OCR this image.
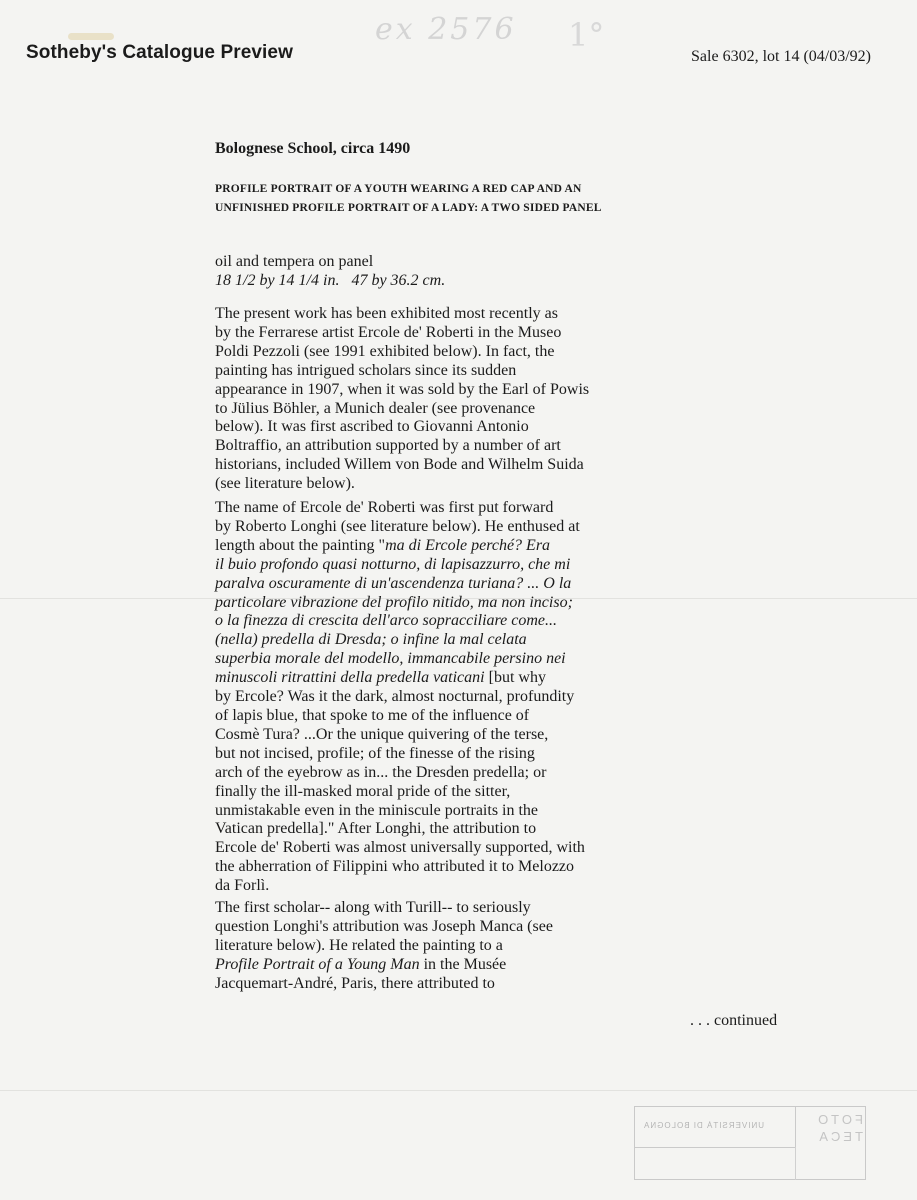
ex 2576 1°
Sotheby's Catalogue Preview	Sale 6302, lot 14 (04/03/92)
Bolognese School, circa 1490
PROFILE PORTRAIT OF A YOUTH WEARING A RED CAP AND AN UNFINISHED PROFILE PORTRAIT OF A LADY: A TWO SIDED PANEL
oil and tempera on panel
18 1/2 by 14 1/4 in.   47 by 36.2 cm.
The present work has been exhibited most recently as
by the Ferrarese artist Ercole de' Roberti in the Museo
Poldi Pezzoli (see 1991 exhibited below). In fact, the
painting has intrigued scholars since its sudden
appearance in 1907, when it was sold by the Earl of Powis
to Jülius Böhler, a Munich dealer (see provenance
below). It was first ascribed to Giovanni Antonio
Boltraffio, an attribution supported by a number of art
historians, included Willem von Bode and Wilhelm Suida
(see literature below).
The name of Ercole de' Roberti was first put forward
by Roberto Longhi (see literature below). He enthused at
length about the painting "ma di Ercole perché? Era
il buio profondo quasi notturno, di lapisazzurro, che mi
paralva oscuramente di un'ascendenza turiana? ... O la
particolare vibrazione del profilo nitido, ma non inciso;
o la finezza di crescita dell'arco sopracciliare come...
(nella) predella di Dresda; o infine la mal celata
superbia morale del modello, immancabile persino nei
minuscoli ritrattini della predella vaticani [but why
by Ercole? Was it the dark, almost nocturnal, profundity
of lapis blue, that spoke to me of the influence of
Cosmè Tura? ...Or the unique quivering of the terse,
but not incised, profile; of the finesse of the rising
arch of the eyebrow as in... the Dresden predella; or
finally the ill-masked moral pride of the sitter,
unmistakable even in the miniscule portraits in the
Vatican predella]." After Longhi, the attribution to
Ercole de' Roberti was almost universally supported, with
the abherration of Filippini who attributed it to Melozzo
da Forlì.
The first scholar-- along with Turill-- to seriously
question Longhi's attribution was Joseph Manca (see
literature below). He related the painting to a
Profile Portrait of a Young Man in the Musée
Jacquemart-André, Paris, there attributed to
. . . continued
UNIVERSITÀ DI BOLOGNA	FOTO
TECA
